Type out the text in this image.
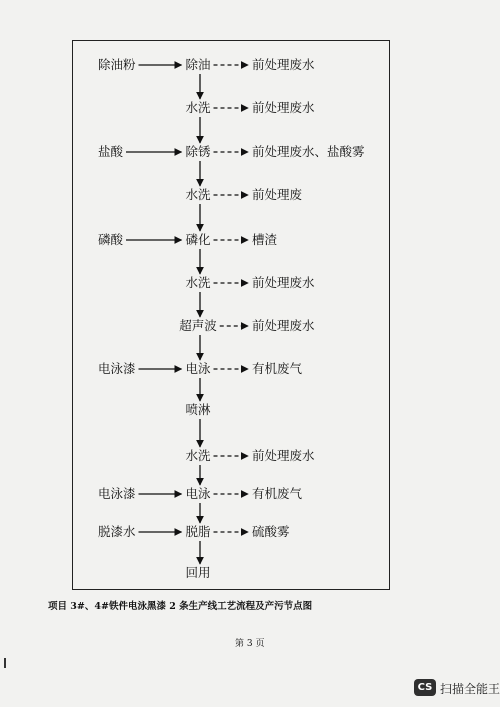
除油
除油粉	前处理废水
水洗	前处理废水
除锈
盐酸	前处理废水、盐酸雾
水洗	前处理废
磷化
磷酸	槽渣
水洗	前处理废水
超声波	前处理废水
电泳
电泳漆	有机废气
喷淋
水洗	前处理废水
电泳
电泳漆	有机废气
脱脂
脱漆水	硫酸雾
回用
项目 3#、4#铁件电泳黑漆 2 条生产线工艺流程及产污节点图
第 3 页
CS 扫描全能王
